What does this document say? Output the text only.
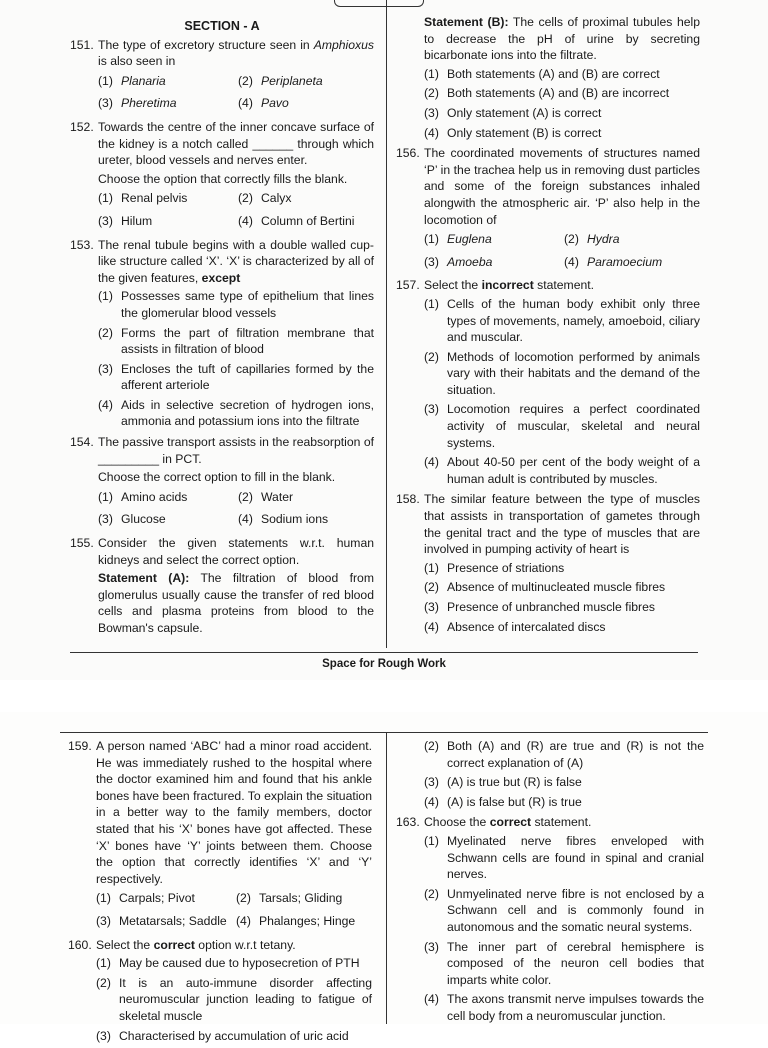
SECTION - A
151. The type of excretory structure seen in Amphioxus is also seen in
(1) Planaria	(2) Periplaneta
(3) Pheretima	(4) Pavo
152. Towards the centre of the inner concave surface of the kidney is a notch called ______ through which ureter, blood vessels and nerves enter.
Choose the option that correctly fills the blank.
(1) Renal pelvis	(2) Calyx
(3) Hilum	(4) Column of Bertini
153. The renal tubule begins with a double walled cup-like structure called ‘X’. ‘X’ is characterized by all of the given features, except
(1) Possesses same type of epithelium that lines the glomerular blood vessels
(2) Forms the part of filtration membrane that assists in filtration of blood
(3) Encloses the tuft of capillaries formed by the afferent arteriole
(4) Aids in selective secretion of hydrogen ions, ammonia and potassium ions into the filtrate
154. The passive transport assists in the reabsorption of _________ in PCT.
Choose the correct option to fill in the blank.
(1) Amino acids	(2) Water
(3) Glucose	(4) Sodium ions
155. Consider the given statements w.r.t. human kidneys and select the correct option.
Statement (A): The filtration of blood from glomerulus usually cause the transfer of red blood cells and plasma proteins from blood to the Bowman's capsule.
Statement (B): The cells of proximal tubules help to decrease the pH of urine by secreting bicarbonate ions into the filtrate.
(1) Both statements (A) and (B) are correct
(2) Both statements (A) and (B) are incorrect
(3) Only statement (A) is correct
(4) Only statement (B) is correct
156. The coordinated movements of structures named ‘P’ in the trachea help us in removing dust particles and some of the foreign substances inhaled alongwith the atmospheric air. ‘P’ also help in the locomotion of
(1) Euglena	(2) Hydra
(3) Amoeba	(4) Paramoecium
157. Select the incorrect statement.
(1) Cells of the human body exhibit only three types of movements, namely, amoeboid, ciliary and muscular.
(2) Methods of locomotion performed by animals vary with their habitats and the demand of the situation.
(3) Locomotion requires a perfect coordinated activity of muscular, skeletal and neural systems.
(4) About 40-50 per cent of the body weight of a human adult is contributed by muscles.
158. The similar feature between the type of muscles that assists in transportation of gametes through the genital tract and the type of muscles that are involved in pumping activity of heart is
(1) Presence of striations
(2) Absence of multinucleated muscle fibres
(3) Presence of unbranched muscle fibres
(4) Absence of intercalated discs
Space for Rough Work
159. A person named ‘ABC’ had a minor road accident. He was immediately rushed to the hospital where the doctor examined him and found that his ankle bones have been fractured. To explain the situation in a better way to the family members, doctor stated that his ‘X’ bones have got affected. These ‘X’ bones have ‘Y’ joints between them. Choose the option that correctly identifies ‘X’ and ‘Y’ respectively.
(1) Carpals; Pivot	(2) Tarsals; Gliding
(3) Metatarsals; Saddle (4) Phalanges; Hinge
160. Select the correct option w.r.t tetany.
(1) May be caused due to hyposecretion of PTH
(2) It is an auto-immune disorder affecting neuromuscular junction leading to fatigue of skeletal muscle
(3) Characterised by accumulation of uric acid
(2) Both (A) and (R) are true and (R) is not the correct explanation of (A)
(3) (A) is true but (R) is false
(4) (A) is false but (R) is true
163. Choose the correct statement.
(1) Myelinated nerve fibres enveloped with Schwann cells are found in spinal and cranial nerves.
(2) Unmyelinated nerve fibre is not enclosed by a Schwann cell and is commonly found in autonomous and the somatic neural systems.
(3) The inner part of cerebral hemisphere is composed of the neuron cell bodies that imparts white color.
(4) The axons transmit nerve impulses towards the cell body from a neuromuscular junction.
